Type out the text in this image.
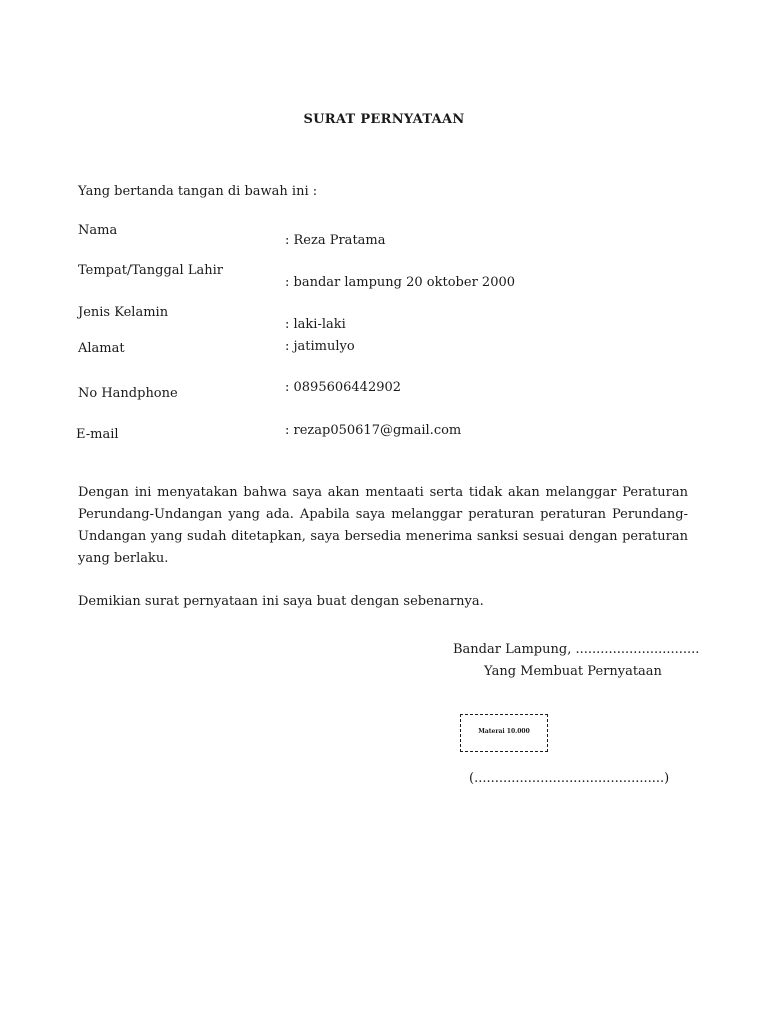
SURAT PERNYATAAN
Yang bertanda tangan di bawah ini :
Nama
Tempat/Tanggal Lahir
Jenis Kelamin
Alamat
No Handphone
E-mail
: Reza Pratama
: bandar lampung 20 oktober 2000
: laki-laki
: jatimulyo
: 0895606442902
: rezap050617@gmail.com
Dengan ini menyatakan bahwa saya akan mentaati serta tidak akan melanggar Peraturan Perundang-Undangan yang ada. Apabila saya melanggar peraturan peraturan Perundang-Undangan yang sudah ditetapkan, saya bersedia menerima sanksi sesuai dengan peraturan yang berlaku.
Demikian surat pernyataan ini saya buat dengan sebenarnya.
Bandar Lampung, ..............................
Yang Membuat Pernyataan
Materai 10.000
(..............................................)
